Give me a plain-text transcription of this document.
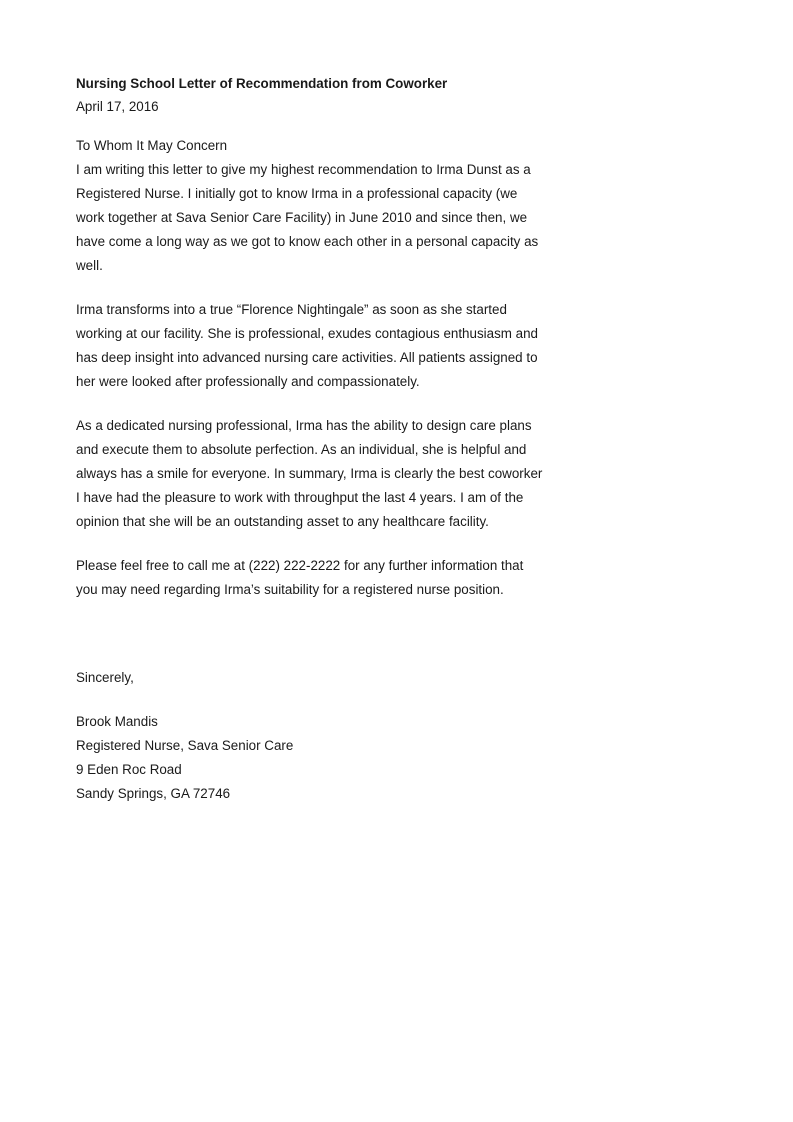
Nursing School Letter of Recommendation from Coworker
April 17, 2016
To Whom It May Concern
I am writing this letter to give my highest recommendation to Irma Dunst as a
Registered Nurse. I initially got to know Irma in a professional capacity (we
work together at Sava Senior Care Facility) in June 2010 and since then, we
have come a long way as we got to know each other in a personal capacity as
well.
Irma transforms into a true “Florence Nightingale” as soon as she started
working at our facility. She is professional, exudes contagious enthusiasm and
has deep insight into advanced nursing care activities. All patients assigned to
her were looked after professionally and compassionately.
As a dedicated nursing professional, Irma has the ability to design care plans
and execute them to absolute perfection. As an individual, she is helpful and
always has a smile for everyone. In summary, Irma is clearly the best coworker
I have had the pleasure to work with throughput the last 4 years. I am of the
opinion that she will be an outstanding asset to any healthcare facility.
Please feel free to call me at (222) 222-2222 for any further information that
you may need regarding Irma’s suitability for a registered nurse position.
Sincerely,
Brook Mandis
Registered Nurse, Sava Senior Care
9 Eden Roc Road
Sandy Springs, GA 72746
